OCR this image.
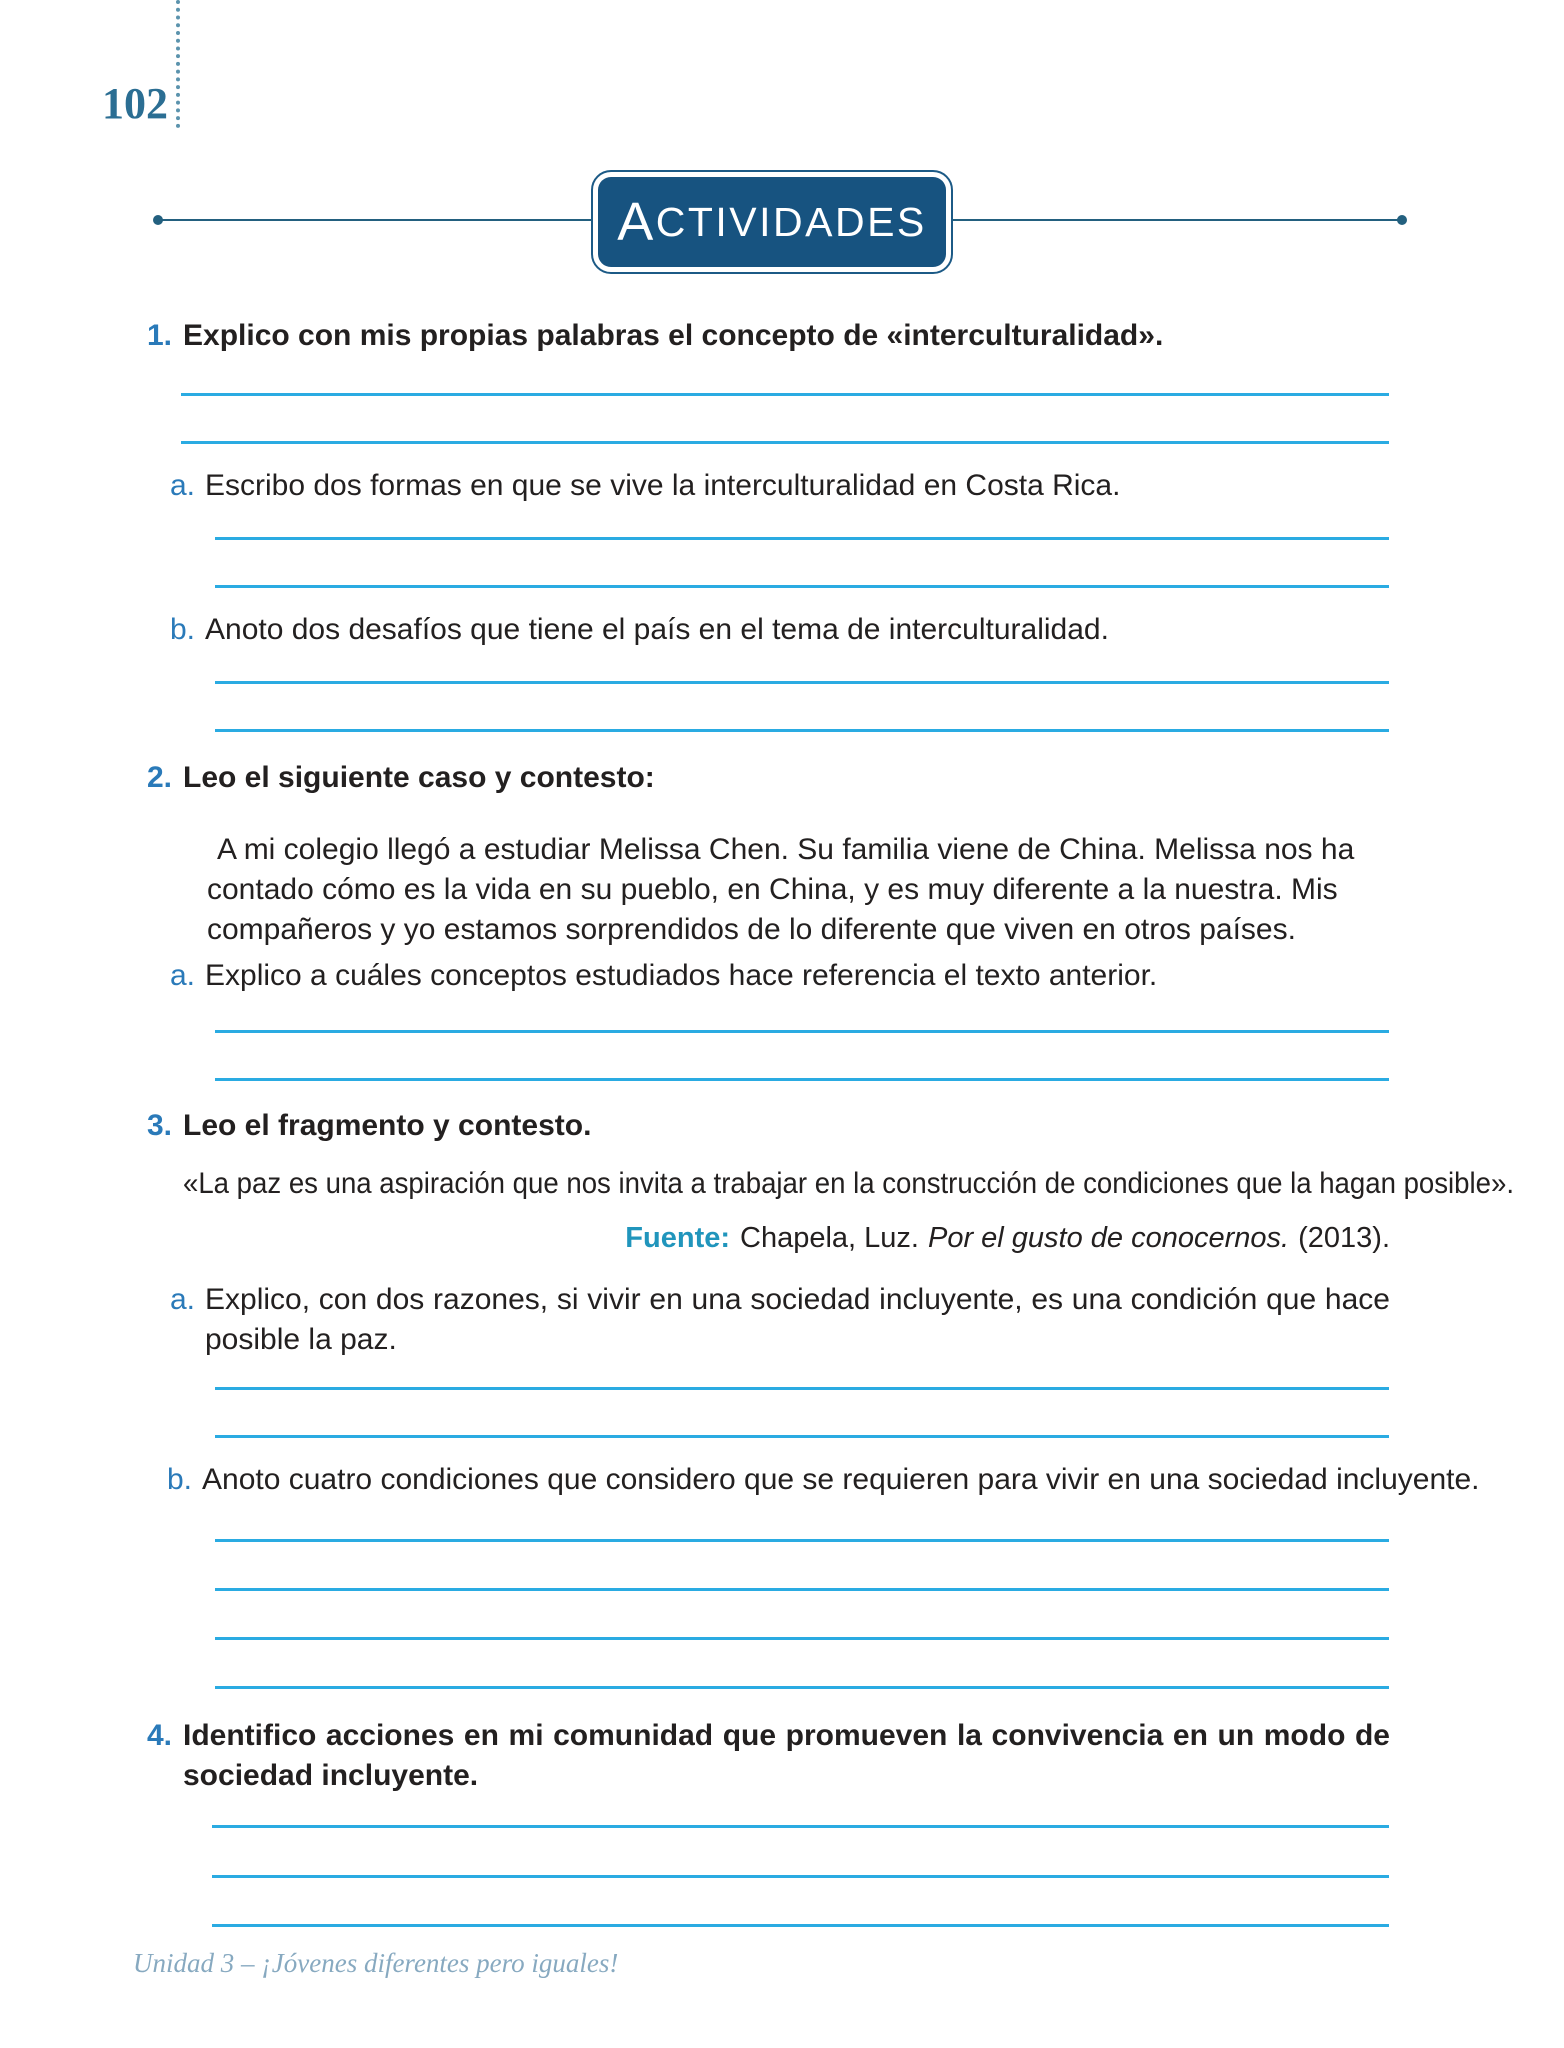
102
A CTIVIDADES
1. Explico con mis propias palabras el concepto de «interculturalidad».
a. Escribo dos formas en que se vive la interculturalidad en Costa Rica.
b. Anoto dos desafíos que tiene el país en el tema de interculturalidad.
2. Leo el siguiente caso y contesto:
A mi colegio llegó a estudiar Melissa Chen. Su familia viene de China. Melissa nos ha contado cómo es la vida en su pueblo, en China, y es muy diferente a la nuestra. Mis compañeros y yo estamos sorprendidos de lo diferente que viven en otros países.
a. Explico a cuáles conceptos estudiados hace referencia el texto anterior.
3. Leo el fragmento y contesto.
«La paz es una aspiración que nos invita a trabajar en la construcción de condiciones que la hagan posible».
Fuente: Chapela, Luz. Por el gusto de conocernos. (2013).
a. Explico, con dos razones, si vivir en una sociedad incluyente, es una condición que hace posible la paz.
b. Anoto cuatro condiciones que considero que se requieren para vivir en una sociedad incluyente.
4. Identifico acciones en mi comunidad que promueven la convivencia en un modo de sociedad incluyente.
Unidad 3 – ¡Jóvenes diferentes pero iguales!
